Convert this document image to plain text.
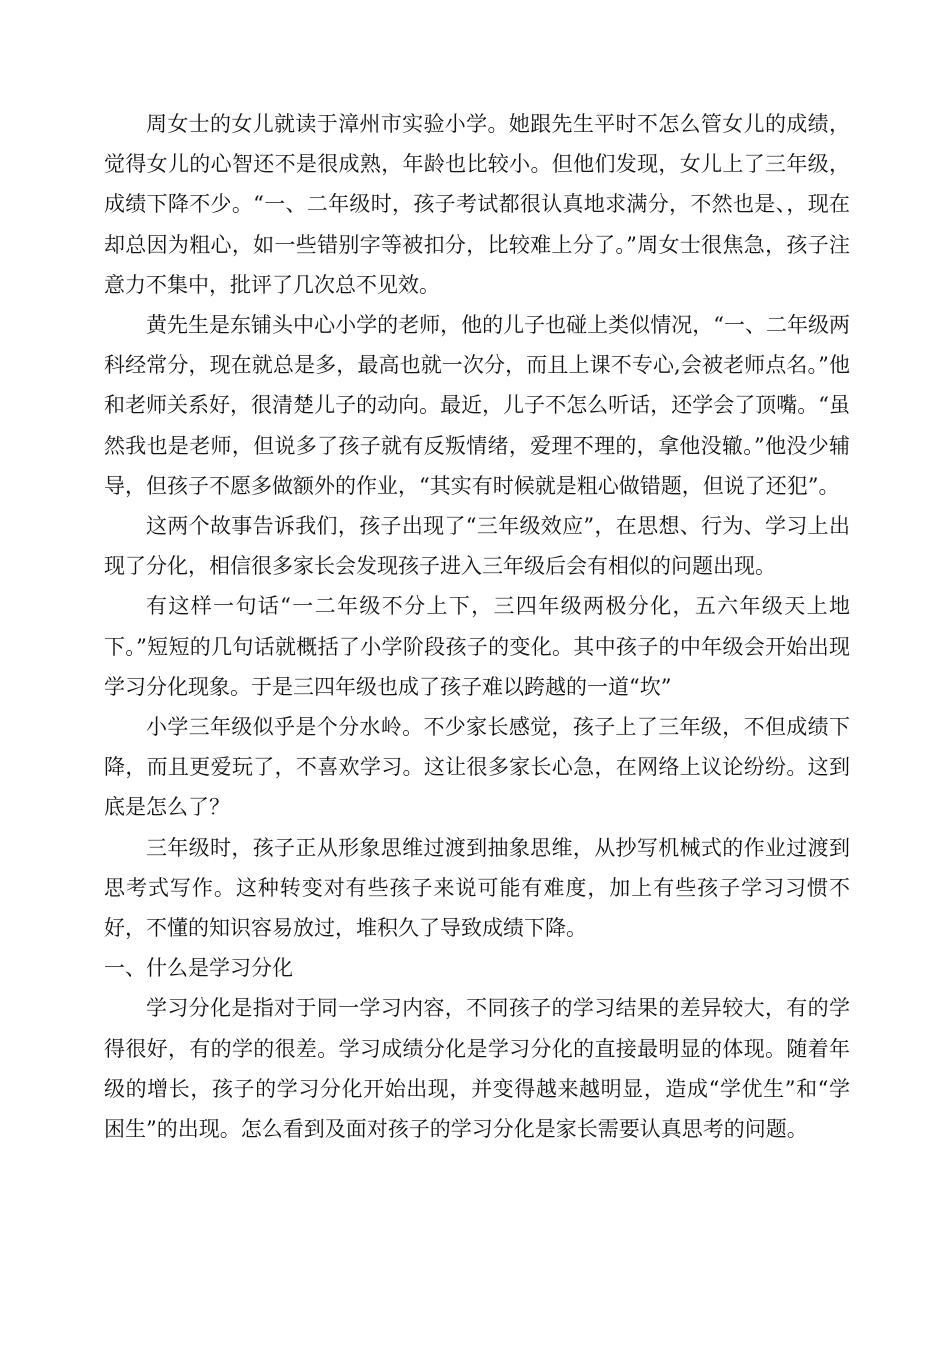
周女士的女儿就读于漳州市实验小学。她跟先生平时不怎么管女儿的成绩，觉得女儿的心智还不是很成熟，年龄也比较小。但他们发现，女儿上了三年级，成绩下降不少。“一、二年级时，孩子考试都很认真地求满分，不然也是、，现在却总因为粗心，如一些错别字等被扣分，比较难上分了。”周女士很焦急，孩子注意力不集中，批评了几次总不见效。

黄先生是东铺头中心小学的老师，他的儿子也碰上类似情况，“一、二年级两科经常分，现在就总是多，最高也就一次分，而且上课不专心,会被老师点名。”他和老师关系好，很清楚儿子的动向。最近，儿子不怎么听话，还学会了顶嘴。“虽然我也是老师，但说多了孩子就有反叛情绪，爱理不理的，拿他没辙。”他没少辅导，但孩子不愿多做额外的作业，“其实有时候就是粗心做错题，但说了还犯”。

这两个故事告诉我们，孩子出现了“三年级效应”，在思想、行为、学习上出现了分化，相信很多家长会发现孩子进入三年级后会有相似的问题出现。

有这样一句话“一二年级不分上下，三四年级两极分化，五六年级天上地下。”短短的几句话就概括了小学阶段孩子的变化。其中孩子的中年级会开始出现学习分化现象。于是三四年级也成了孩子难以跨越的一道“坎”

小学三年级似乎是个分水岭。不少家长感觉，孩子上了三年级，不但成绩下降，而且更爱玩了，不喜欢学习。这让很多家长心急，在网络上议论纷纷。这到底是怎么了？

三年级时，孩子正从形象思维过渡到抽象思维，从抄写机械式的作业过渡到思考式写作。这种转变对有些孩子来说可能有难度，加上有些孩子学习习惯不好，不懂的知识容易放过，堆积久了导致成绩下降。

一、什么是学习分化

学习分化是指对于同一学习内容，不同孩子的学习结果的差异较大，有的学得很好，有的学的很差。学习成绩分化是学习分化的直接最明显的体现。随着年级的增长，孩子的学习分化开始出现，并变得越来越明显，造成“学优生”和“学困生”的出现。怎么看到及面对孩子的学习分化是家长需要认真思考的问题。
